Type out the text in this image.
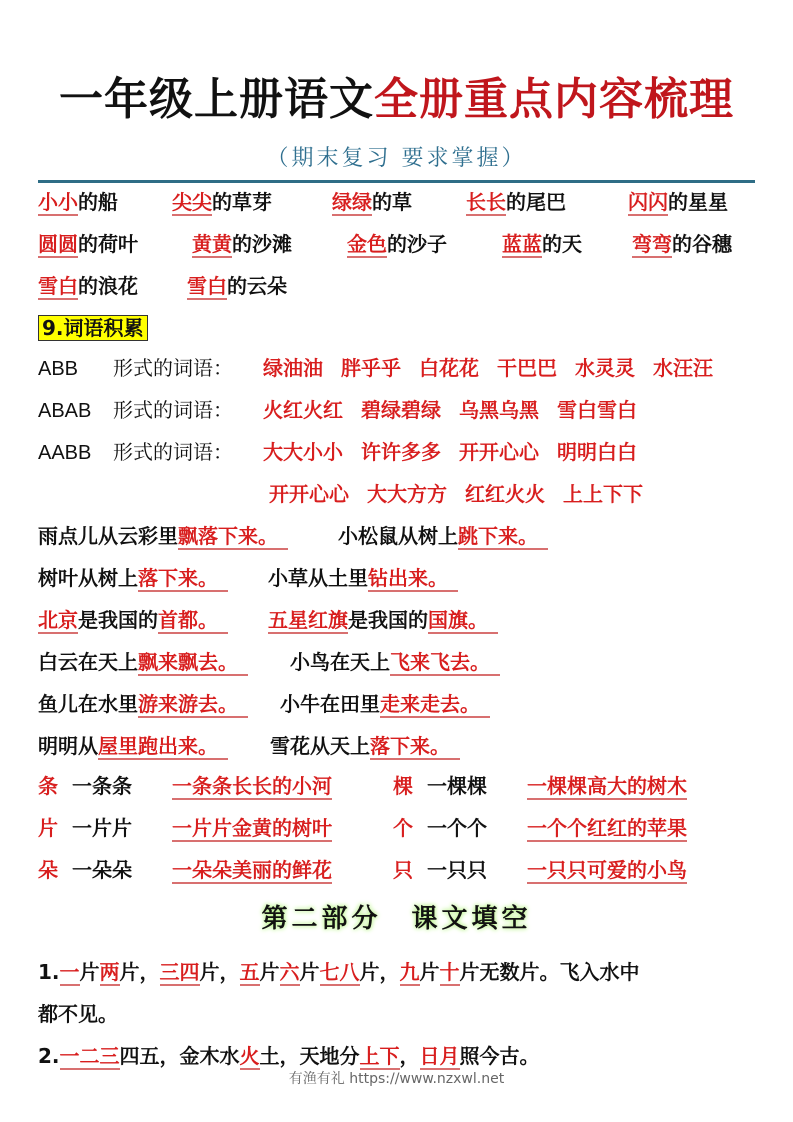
一年级上册语文全册重点内容梳理
（期末复习 要求掌握）
小小的船	尖尖的草芽	绿绿的草	长长的尾巴	闪闪的星星
圆圆的荷叶	黄黄的沙滩	金色的沙子	蓝蓝的天	弯弯的谷穗
雪白的浪花 雪白的云朵
9.词语积累
ABB 形式的词语： 绿油油 胖乎乎 白花花 干巴巴 水灵灵 水汪汪
ABAB 形式的词语： 火红火红 碧绿碧绿 乌黑乌黑 雪白雪白
AABB 形式的词语： 大大小小 许许多多 开开心心 明明白白
开开心心 大大方方 红红火火 上上下下
雨点儿从云彩里飘落下来。　	小松鼠从树上跳下来。　
树叶从树上落下来。　 小草从土里钻出来。　
北京是我国的首都。　 五星红旗是我国的国旗。　
白云在天上飘来飘去。　 小鸟在天上飞来飞去。　
鱼儿在水里游来游去。　 小牛在田里走来走去。　
明明从屋里跑出来。　 雪花从天上落下来。　
条 一条条 一条条长长的小河	棵 一棵棵 一棵棵高大的树木
片 一片片 一片片金黄的树叶	个 一个个 一个个红红的苹果
朵 一朵朵 一朵朵美丽的鲜花	只 一只只 一只只可爱的小鸟
第二部分　课文填空
1.一片两片，三四片，五片六片七八片，九片十片无数片。飞入水中
都不见。
2.一二三四五，金木水火土，天地分上下，日月照今古。
有渔有礼 https://www.nzxwl.net
